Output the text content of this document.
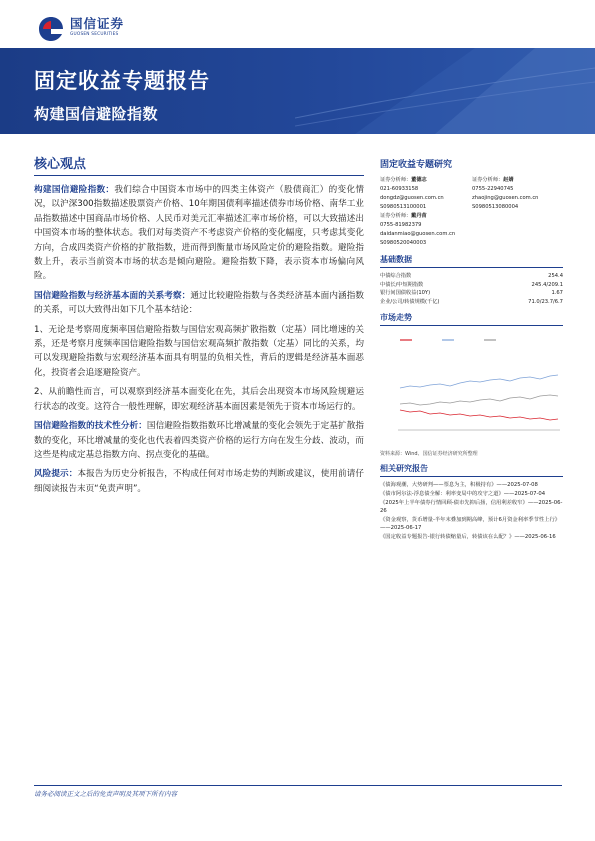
国信证券
GUOSEN SECURITIES
固定收益专题报告
构建国信避险指数
核心观点

构建国信避险指数：我们综合中国资本市场中的四类主体资产（股债商汇）的变化情况，以沪深300指数描述股票资产价格、10年期国债利率描述债券市场价格、南华工业品指数描述中国商品市场价格、人民币对美元汇率描述汇率市场价格，可以大致描述出中国资本市场的整体状态。我们对每类资产不考虑资产价格的变化幅度，只考虑其变化方向，合成四类资产价格的扩散指数，进而得到衡量市场风险定价的避险指数。避险指数上升，表示当前资本市场的状态是倾向避险。避险指数下降，表示资本市场偏向风险。

国信避险指数与经济基本面的关系考察：通过比较避险指数与各类经济基本面内涵指数的关系，可以大致得出如下几个基本结论：

1、无论是考察周度频率国信避险指数与国信宏观高频扩散指数（定基）同比增速的关系，还是考察月度频率国信避险指数与国信宏观高频扩散指数（定基）同比的关系，均可以发现避险指数与宏观经济基本面具有明显的负相关性，背后的逻辑是经济基本面恶化，投资者会追逐避险资产。

2、从前瞻性而言，可以观察到经济基本面变化在先，其后会出现资本市场风险规避运行状态的改变。这符合一般性理解，即宏观经济基本面因素是领先于资本市场运行的。

国信避险指数的技术性分析：国信避险指数指数环比增减量的变化会领先于定基扩散指数的变化，环比增减量的变化也代表着四类资产价格的运行方向在发生分歧、波动，而这些是构成定基总指数方向、拐点变化的基础。

风险提示：本报告为历史分析报告，不构成任何对市场走势的判断或建议，使用前请仔细阅读报告末页“免责声明”。

固定收益专题研究
证券分析师：董德志
021-60933158
dongdz@guosen.com.cn
S0980513100001
证券分析师：赵婧
0755-22940745
zhaojing@guosen.com.cn
S0980513080004
证券分析师：戴丹苗
0755-81982379
daidanmiao@guosen.com.cn
S0980520040003
基础数据
中债综合指数	254.4
中债长/中短期指数	245.4/209.1
银行间国债收益(10Y)	1.67
企业/公司/转债规模(千亿)	71.0/23.7/6.7
市场走势
资料来源：Wind、国信证券经济研究所整理
相关研究报告
《债海观潮，大势研判——票息为主，积极持有》——2025-07-08
《债市阿尔法-浮息债全解：利率变局中的攻守之道》——2025-07-04
《2025年上半年债券行情回顾-债市先抑后扬，信用利差收窄》——2025-06-26
《资金观察，货币增量-半年末叠加到期高峰，预计6月资金利率季节性上行》——2025-06-17
《国定收益专题报告-银行转债缩量后，转债该在么配？》——2025-06-16
请务必阅读正文之后的免责声明及其项下所有内容
